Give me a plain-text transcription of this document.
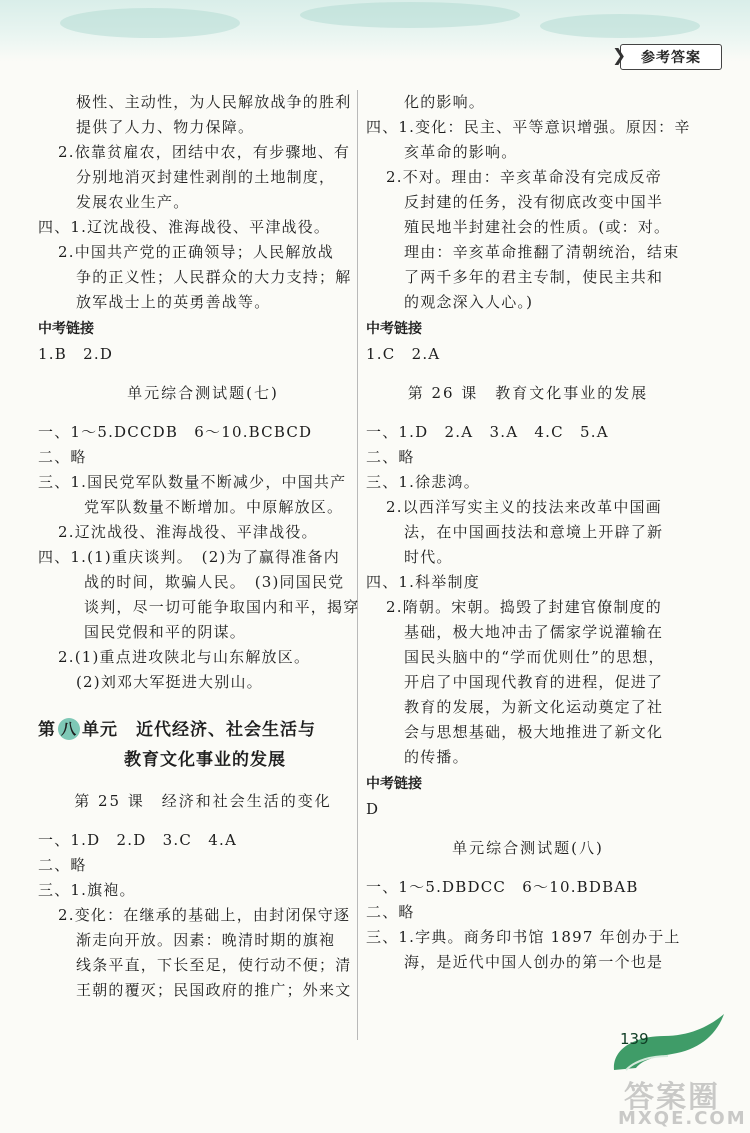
❯ 参考答案
极性、主动性，为人民解放战争的胜利
提供了人力、物力保障。
2.依靠贫雇农，团结中农，有步骤地、有
分别地消灭封建性剥削的土地制度，
发展农业生产。
四、1.辽沈战役、淮海战役、平津战役。
2.中国共产党的正确领导；人民解放战
争的正义性；人民群众的大力支持；解
放军战士上的英勇善战等。
中考链接
1.B　2.D
单元综合测试题(七)
一、1～5.DCCDB　6～10.BCBCD
二、略
三、1.国民党军队数量不断减少，中国共产
党军队数量不断增加。中原解放区。
2.辽沈战役、淮海战役、平津战役。
四、1.(1)重庆谈判。　(2)为了赢得准备内
战的时间，欺骗人民。　(3)同国民党
谈判，尽一切可能争取国内和平，揭穿
国民党假和平的阴谋。
2.(1)重点进攻陕北与山东解放区。
(2)刘邓大军挺进大别山。
第 八 单元　近代经济、社会生活与
教育文化事业的发展
第 25 课　经济和社会生活的变化
一、1.D　2.D　3.C　4.A
二、略
三、1.旗袍。
2.变化：在继承的基础上，由封闭保守逐
渐走向开放。因素：晚清时期的旗袍
线条平直，下长至足，使行动不便；清
王朝的覆灭；民国政府的推广；外来文
化的影响。
四、1.变化：民主、平等意识增强。原因：辛
亥革命的影响。
2.不对。理由：辛亥革命没有完成反帝
反封建的任务，没有彻底改变中国半
殖民地半封建社会的性质。(或：对。
理由：辛亥革命推翻了清朝统治，结束
了两千多年的君主专制，使民主共和
的观念深入人心。)
中考链接
1.C　2.A
第 26 课　教育文化事业的发展
一、1.D　2.A　3.A　4.C　5.A
二、略
三、1.徐悲鸿。
2.以西洋写实主义的技法来改革中国画
法，在中国画技法和意境上开辟了新
时代。
四、1.科举制度
2.隋朝。宋朝。捣毁了封建官僚制度的
基础，极大地冲击了儒家学说灌输在
国民头脑中的“学而优则仕”的思想，
开启了中国现代教育的进程，促进了
教育的发展，为新文化运动奠定了社
会与思想基础，极大地推进了新文化
的传播。
中考链接
D
单元综合测试题(八)
一、1～5.DBDCC　6～10.BDBAB
二、略
三、1.字典。商务印书馆 1897 年创办于上
海，是近代中国人创办的第一个也是
139
答案圈
MXQE.COM
